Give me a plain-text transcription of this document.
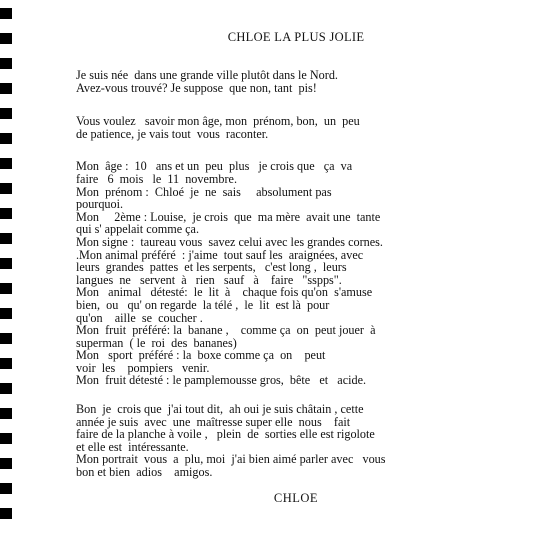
CHLOE LA PLUS JOLIE
Je suis née  dans une grande ville plutôt dans le Nord.
Avez-vous trouvé? Je suppose  que non, tant  pis!
Vous voulez   savoir mon âge, mon  prénom, bon,  un  peu
de patience, je vais tout  vous  raconter.
Mon  âge :  10   ans et un  peu  plus   je crois que   ça  va
faire   6  mois   le  11  novembre.
Mon  prénom :  Chloé  je  ne  sais     absolument pas
pourquoi.
Mon     2ème : Louise,  je crois  que  ma mère  avait une  tante
qui s' appelait comme ça.
Mon signe :  taureau vous  savez celui avec les grandes cornes.
.Mon animal préféré  : j'aime  tout sauf les  araignées, avec
leurs  grandes  pattes  et les serpents,   c'est long ,  leurs
langues  ne   servent  à   rien   sauf   à    faire   "sspps".
Mon   animal   détesté:  le  lit  à    chaque fois qu'on  s'amuse
bien,  ou   qu' on regarde  la télé ,  le  lit  est là  pour
qu'on    aille  se  coucher .
Mon  fruit  préféré: la  banane ,    comme ça  on  peut jouer  à
superman  ( le  roi  des  bananes)
Mon   sport  préféré : la  boxe comme ça  on    peut
voir  les    pompiers   venir.
Mon  fruit détesté : le pamplemousse gros,  bête   et   acide.
Bon  je  crois que  j'ai tout dit,  ah oui je suis châtain , cette
année je suis  avec  une  maîtresse super elle  nous    fait
faire de la planche à voile ,   plein  de  sorties elle est rigolote
et elle est  intéressante.
Mon portrait  vous  a  plu, moi  j'ai bien aimé parler avec   vous
bon et bien  adios    amigos.
CHLOE
